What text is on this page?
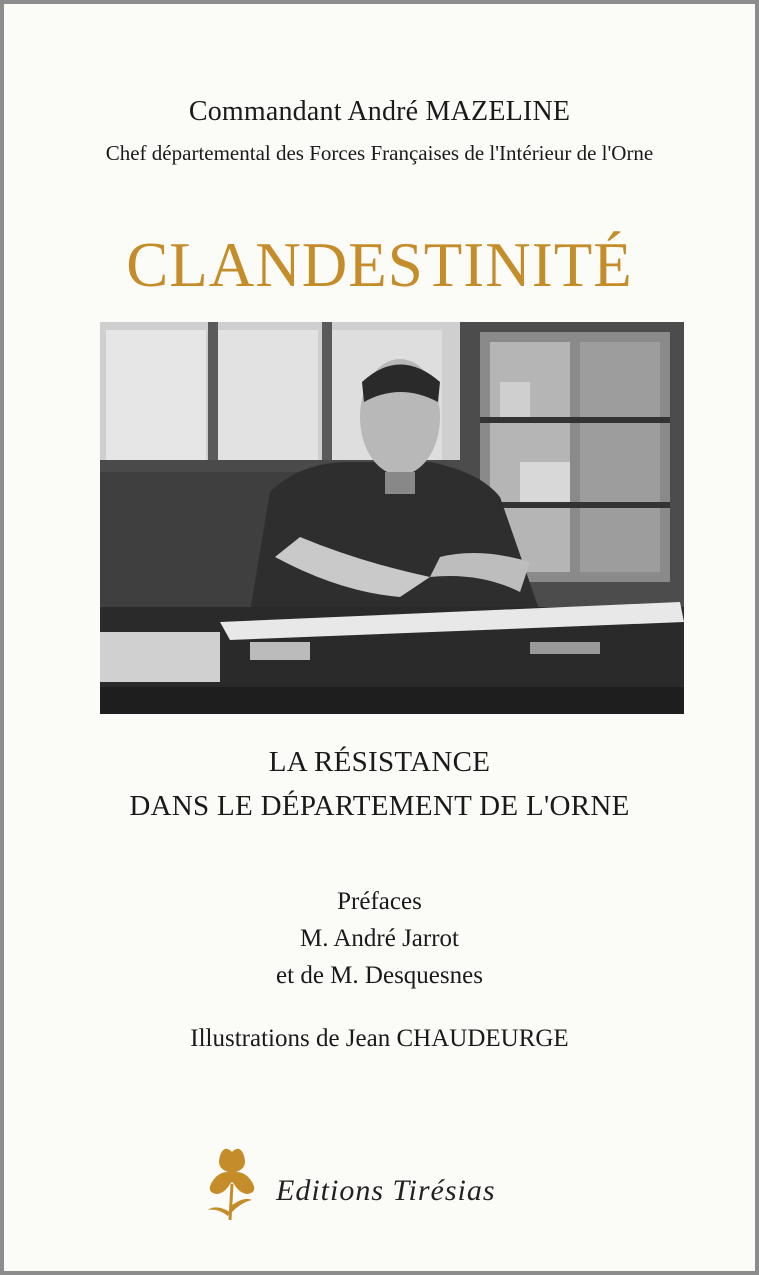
Commandant André MAZELINE
Chef départemental des Forces Françaises de l'Intérieur de l'Orne
CLANDESTINITÉ
LA RÉSISTANCE
DANS LE DÉPARTEMENT DE L'ORNE
Préfaces
M. André Jarrot
et de M. Desquesnes
Illustrations de Jean CHAUDEURGE
Editions Tirésias
